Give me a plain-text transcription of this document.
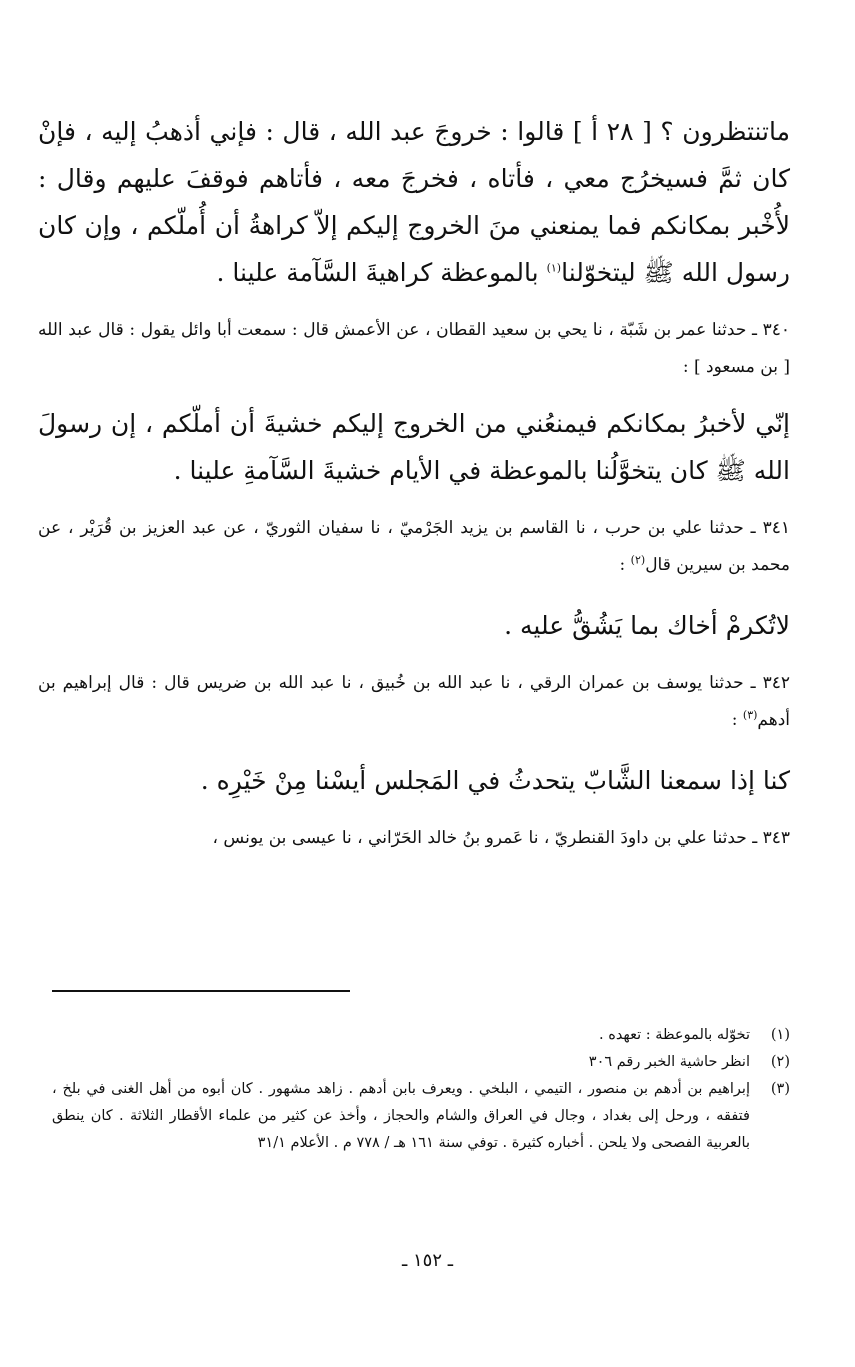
ماتنتظرون ؟ [ ٢٨ أ ] قالوا : خروجَ عبد الله ، قال : فإني أذهبُ إليه ، فإنْ كان ثمَّ فسيخرُج معي ، فأتاه ، فخرجَ معه ، فأتاهم فوقفَ عليهم وقال : لأُخْبر بمكانكم فما يمنعني منَ الخروج إليكم إلاّ كراهةُ أن أُملّكم ، وإن كان رسول الله ﷺ ليتخوّلنا$^{(١)}$ بالموعظة كراهيةَ السَّآمة علينا .

٣٤٠ ـ حدثنا عمر بن شَبّة ، نا يحي بن سعيد القطان ، عن الأعمش قال : سمعت أبا وائل يقول : قال عبد الله [ بن مسعود ] :

إنّي لأخبرُ بمكانكم فيمنعُني من الخروج إليكم خشيةَ أن أملّكم ، إن رسولَ الله ﷺ كان يتخوَّلُنا بالموعظة في الأيام خشيةَ السَّآمةِ علينا .

٣٤١ ـ حدثنا علي بن حرب ، نا القاسم بن يزيد الجَرْميّ ، نا سفيان الثوريّ ، عن عبد العزيز بن قُرَيْر ، عن محمد بن سيرين قال$^{(٢)}$ :

لاتُكرمْ أخاك بما يَشُقُّ عليه .

٣٤٢ ـ حدثنا يوسف بن عمران الرقي ، نا عبد الله بن خُبيق ، نا عبد الله بن ضريس قال : قال إبراهيم بن أدهم$^{(٣)}$ :

كنا إذا سمعنا الشَّابّ يتحدثُ في المَجلس أيسْنا مِنْ خَيْرِه .

٣٤٣ ـ حدثنا علي بن داودَ القنطريّ ، نا عَمرو بنُ خالد الحَرّاني ، نا عيسى بن يونس ،

(١)
تخوّله بالموعظة : تعهده .
(٢)
انظر حاشية الخبر رقم ٣٠٦
(٣)
إبراهيم بن أدهم بن منصور ، التيمي ، البلخي . ويعرف بابن أدهم . زاهد مشهور . كان أبوه من أهل الغنى في بلخ ، فتفقه ، ورحل إلى بغداد ، وجال في العراق والشام والحجاز ، وأخذ عن كثير من علماء الأقطار الثلاثة . كان ينطق بالعربية الفصحى ولا يلحن . أخباره كثيرة . توفي سنة ١٦١ هـ / ٧٧٨ م . الأعلام ٣١/١
ـ ١٥٢ ـ
